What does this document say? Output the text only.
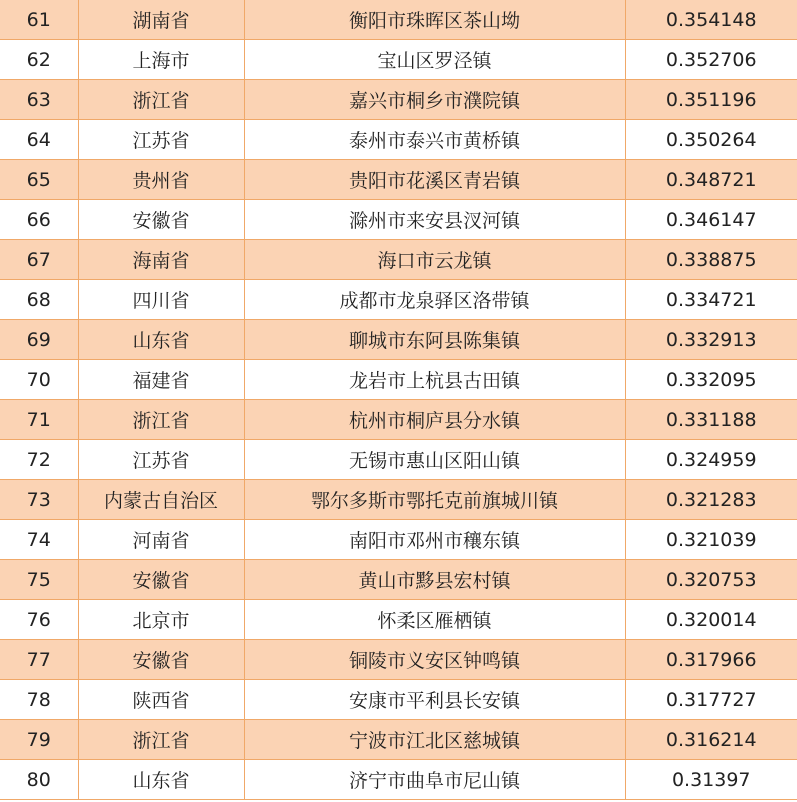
61	湖南省	衡阳市珠晖区茶山坳	0.354148
62	上海市	宝山区罗泾镇	0.352706
63	浙江省	嘉兴市桐乡市濮院镇	0.351196
64	江苏省	泰州市泰兴市黄桥镇	0.350264
65	贵州省	贵阳市花溪区青岩镇	0.348721
66	安徽省	滁州市来安县汊河镇	0.346147
67	海南省	海口市云龙镇	0.338875
68	四川省	成都市龙泉驿区洛带镇	0.334721
69	山东省	聊城市东阿县陈集镇	0.332913
70	福建省	龙岩市上杭县古田镇	0.332095
71	浙江省	杭州市桐庐县分水镇	0.331188
72	江苏省	无锡市惠山区阳山镇	0.324959
73	内蒙古自治区	鄂尔多斯市鄂托克前旗城川镇	0.321283
74	河南省	南阳市邓州市穰东镇	0.321039
75	安徽省	黄山市黟县宏村镇	0.320753
76	北京市	怀柔区雁栖镇	0.320014
77	安徽省	铜陵市义安区钟鸣镇	0.317966
78	陕西省	安康市平利县长安镇	0.317727
79	浙江省	宁波市江北区慈城镇	0.316214
80	山东省	济宁市曲阜市尼山镇	0.31397
